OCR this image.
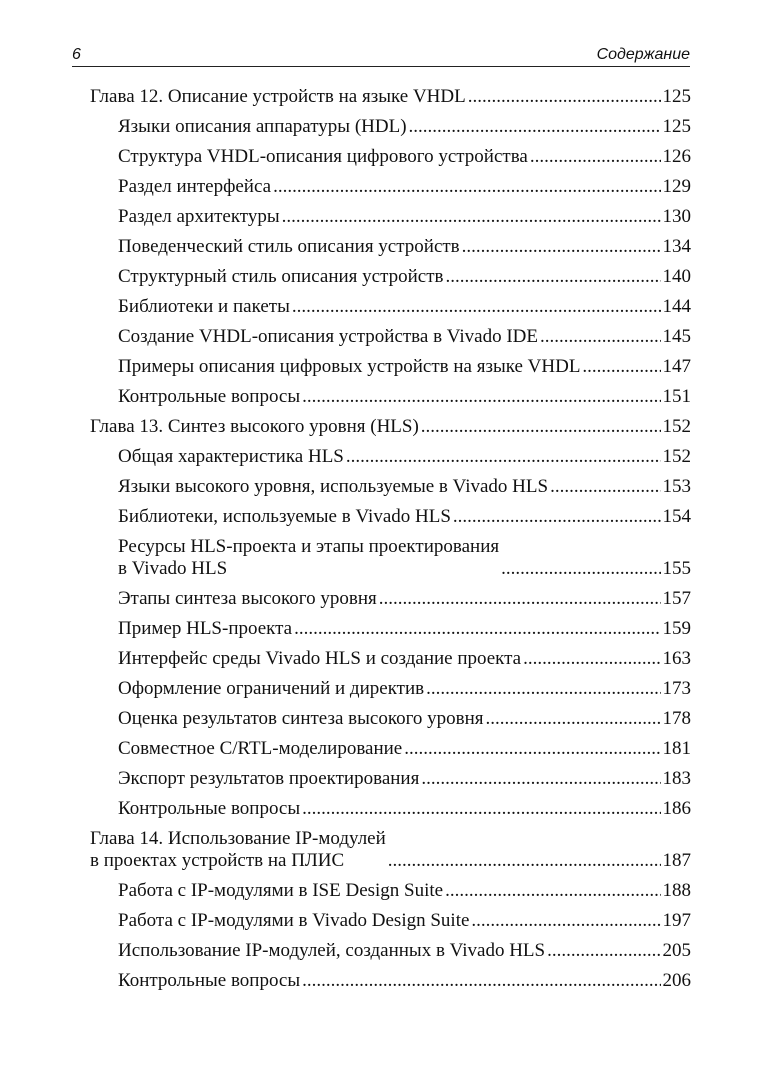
6	Содержание
Глава 12. Описание устройств на языке VHDL .....	125
Языки описания аппаратуры (HDL) .....	125
Структура VHDL-описания цифрового устройства .....	126
Раздел интерфейса .....	129
Раздел архитектуры .....	130
Поведенческий стиль описания устройств .....	134
Структурный стиль описания устройств .....	140
Библиотеки и пакеты .....	144
Создание VHDL-описания устройства в Vivado IDE .....	145
Примеры описания цифровых устройств на языке VHDL .....	147
Контрольные вопросы .....	151
Глава 13. Синтез высокого уровня (HLS) .....	152
Общая характеристика HLS .....	152
Языки высокого уровня, используемые в Vivado HLS .....	153
Библиотеки, используемые в Vivado HLS .....	154
Ресурсы HLS-проекта и этапы проектирования
в Vivado HLS .....	155
Этапы синтеза высокого уровня .....	157
Пример HLS-проекта .....	159
Интерфейс среды Vivado HLS и создание проекта .....	163
Оформление ограничений и директив .....	173
Оценка результатов синтеза высокого уровня .....	178
Совместное C/RTL-моделирование .....	181
Экспорт результатов проектирования .....	183
Контрольные вопросы .....	186
Глава 14. Использование IP-модулей
в проектах устройств на ПЛИС .....	187
Работа с IP-модулями в ISE Design Suite .....	188
Работа с IP-модулями в Vivado Design Suite .....	197
Использование IP-модулей, созданных в Vivado HLS .....	205
Контрольные вопросы .....	206
